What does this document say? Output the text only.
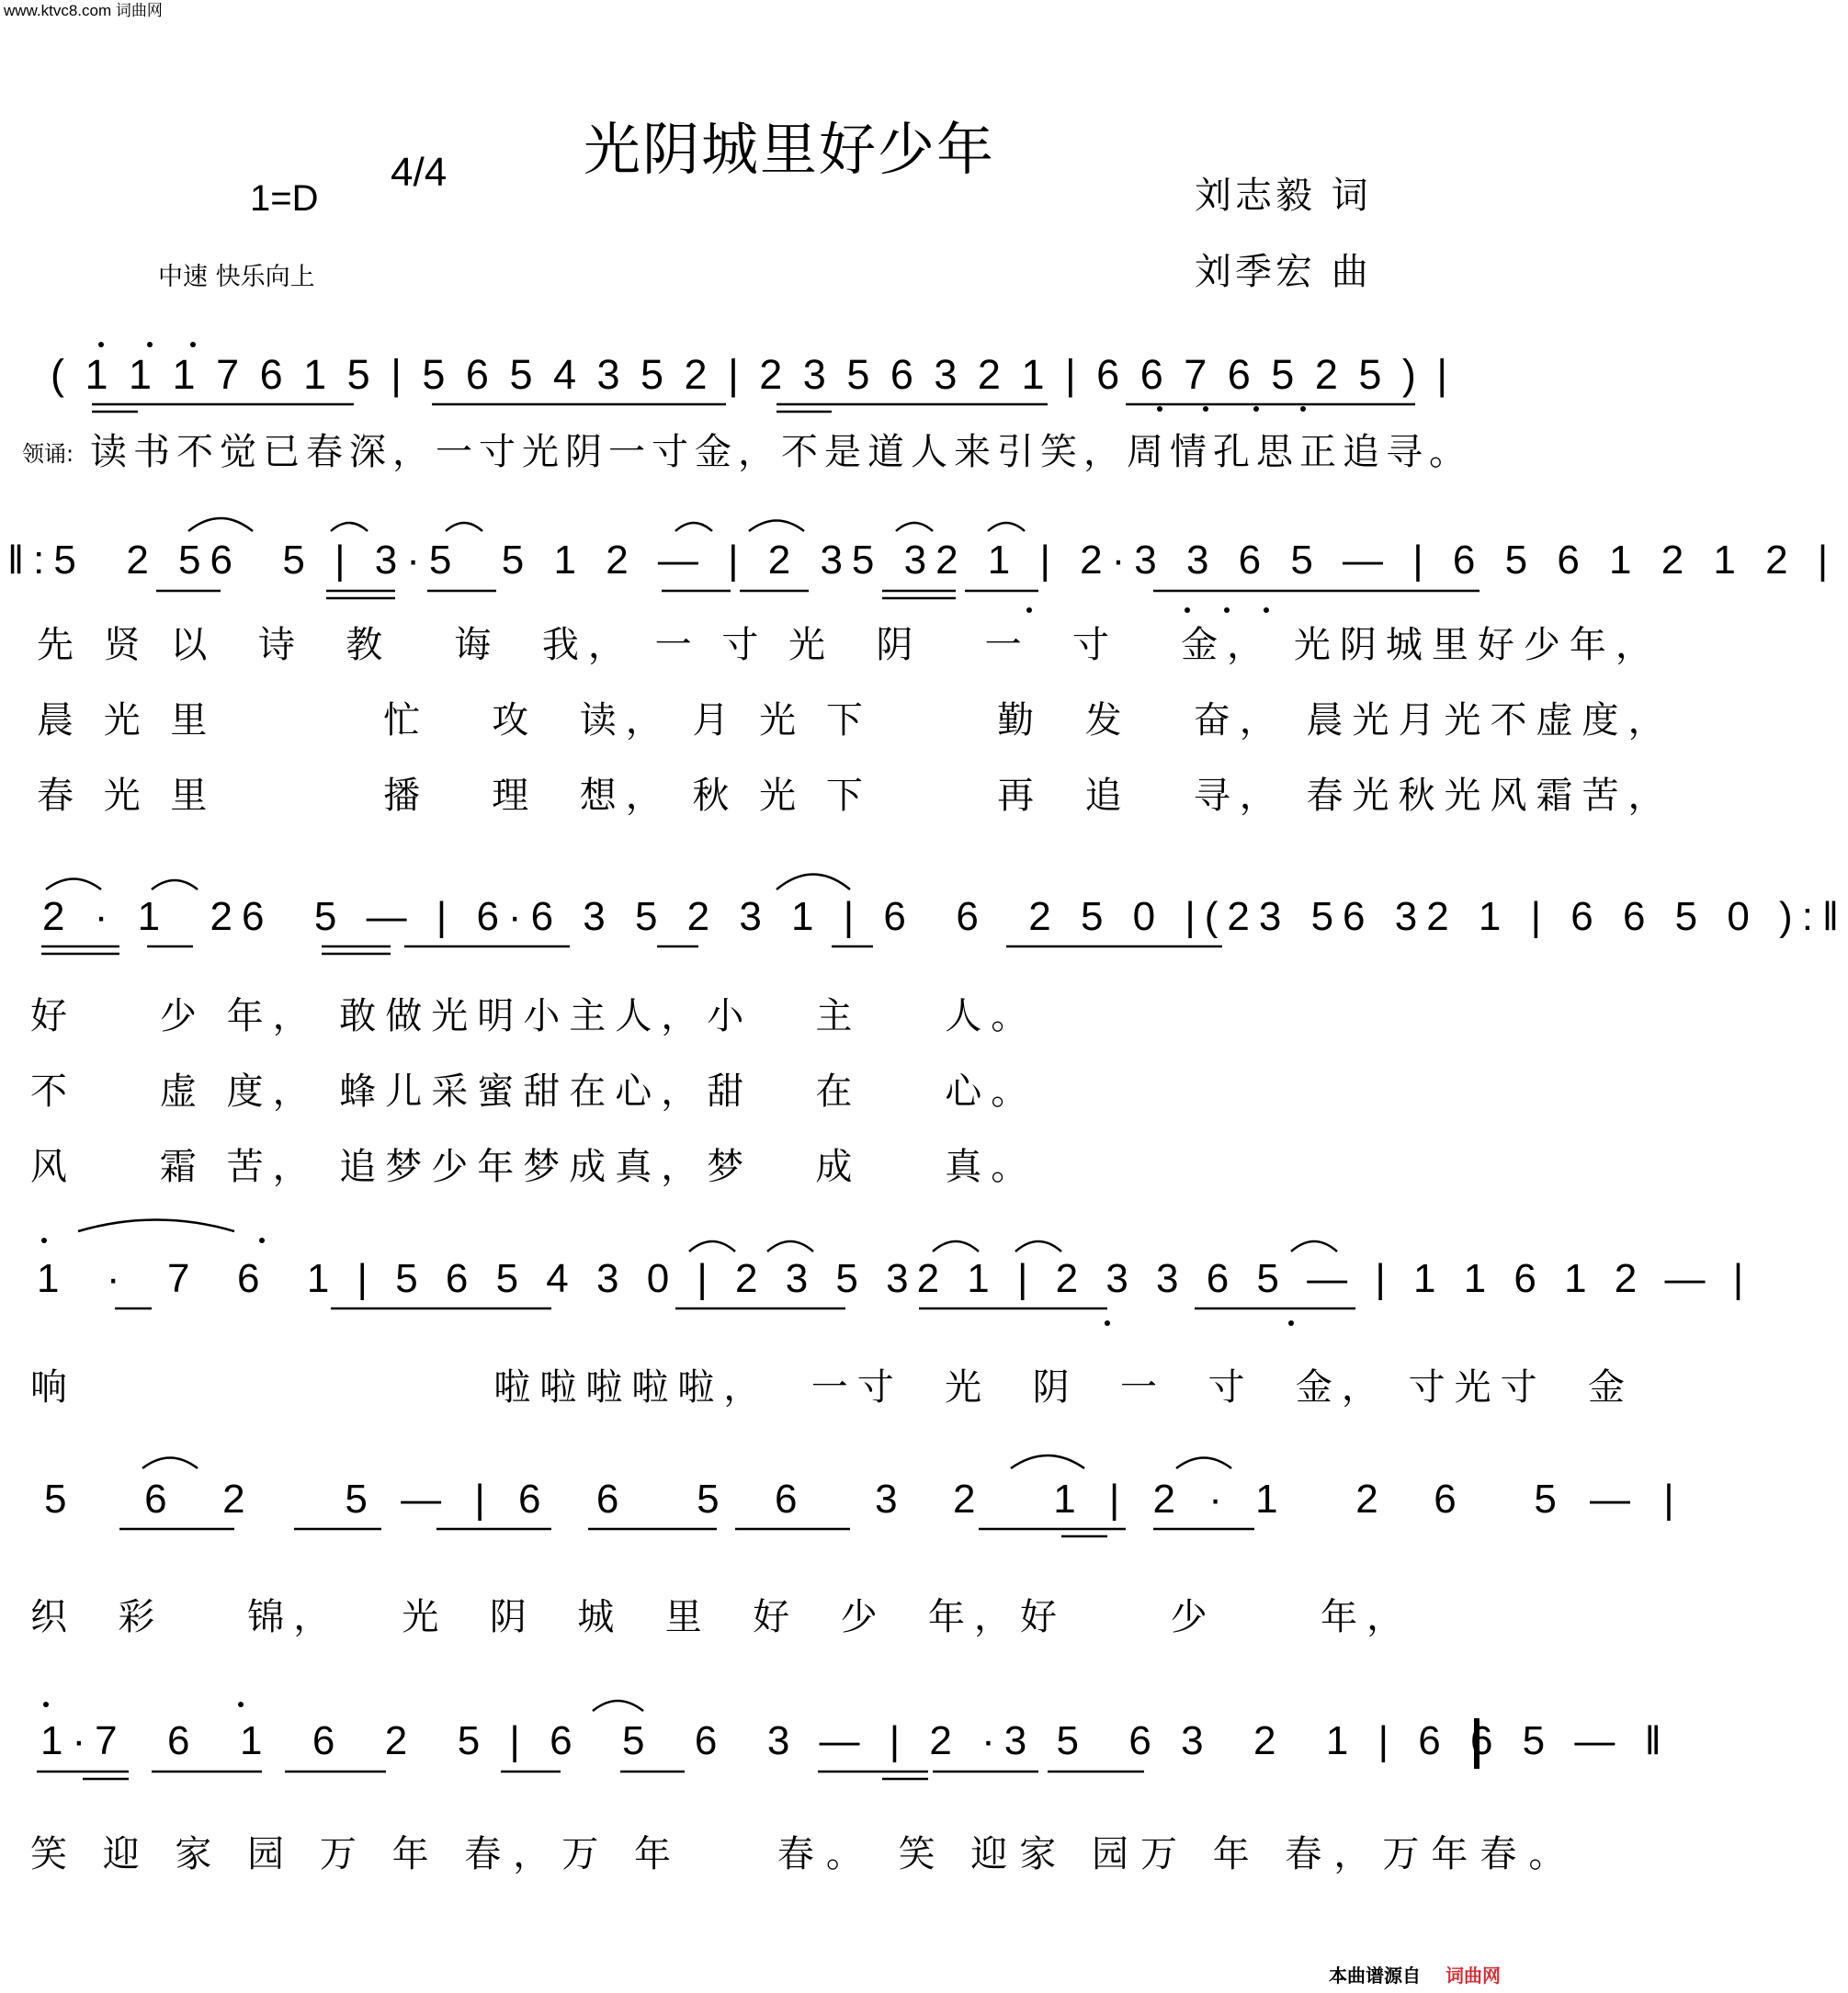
www.ktvc8.com 词曲网
光阴城里好少年
1=D
4/4
刘志毅 词
刘季宏 曲
中速 快乐向上
( 1 1 1 7 6 1 5 | 5 6 5 4 3 5 2 | 2 3 5 6 3 2 1 | 6 6 7 6 5 2 5 ) |
领诵: 读书不觉已春深，一寸光阴一寸金，不是道人来引笑，周情孔思正追寻。
‖:5  2 56  5 | 3·5  5 1 2 — | 2 35 32 1 | 2·3 3 6 5 — | 6 5 6 1 2 1 2 |
先 贤 以  诗  教   诲  我， 一 寸 光  阴   一  寸   金， 光阴城里好少年，
晨 光 里        忙   攻  读， 月 光 下      勤  发   奋， 晨光月光不虚度，
春 光 里        播   理  想， 秋 光 下      再  追   寻， 春光秋光风霜苦，
2 · 1  26  5 — | 6·6 3 5 2 3 1 | 6  6  2 5 0 |(23 56 32 1 | 6 6 5 0 ):‖
好    少 年， 敢做光明小主人，小   主    人。
不    虚 度， 蜂儿采蜜甜在心，甜   在    心。
风    霜 苦， 追梦少年梦成真，梦   成    真。
1  ·  7  6  1 | 5 6 5 4 3 0 | 2 3 5 32 1 | 2 3 3 6 5 — | 1 1 6 1 2 — |
响                    啦啦啦啦啦，  一寸  光  阴  一  寸  金， 寸光寸  金
5   6  2    5 — | 6  6   5  6   3  2   1 | 2 · 1   2  6   5 — |
织  彩    锦，   光  阴  城  里  好  少  年，好     少     年，
1·7  6  1  6  2  5 | 6  5  6  3 — | 2 ·3 5  6 3  2  1 | 6 6 5 — ‖
笑 迎 家 园 万 年 春，万 年    春。 笑 迎家 园万 年 春，万年春。
本曲谱源自 词曲网
